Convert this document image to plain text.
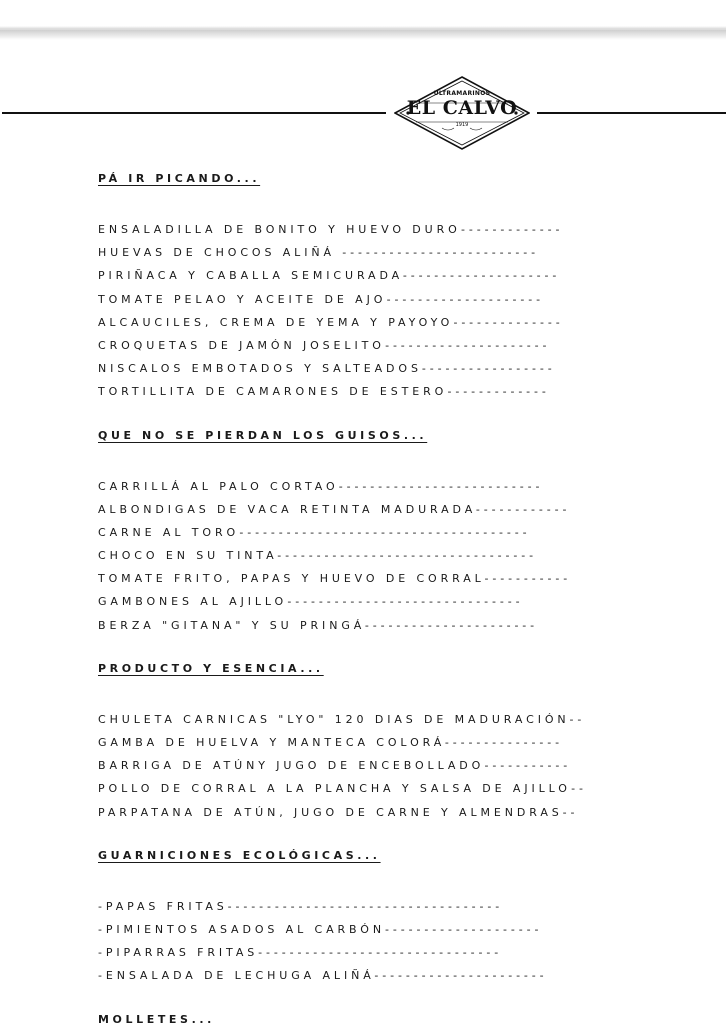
ULTRAMARINOS
EL CALVO
1919
PÁ IR PICANDO...
ENSALADILLA DE BONITO Y HUEVO DURO-------------
HUEVAS DE CHOCOS ALIÑÁ -------------------------
PIRIÑACA Y CABALLA SEMICURADA--------------------
TOMATE PELAO Y ACEITE DE AJO--------------------
ALCAUCILES, CREMA DE YEMA Y PAYOYO--------------
CROQUETAS DE JAMÓN JOSELITO---------------------
NISCALOS EMBOTADOS Y SALTEADOS-----------------
TORTILLITA DE CAMARONES DE ESTERO-------------
QUE NO SE PIERDAN LOS GUISOS...
CARRILLÁ AL PALO CORTAO--------------------------
ALBONDIGAS DE VACA RETINTA MADURADA------------
CARNE AL TORO-------------------------------------
CHOCO EN SU TINTA---------------------------------
TOMATE FRITO, PAPAS Y HUEVO DE CORRAL-----------
GAMBONES AL AJILLO------------------------------
BERZA "GITANA" Y SU PRINGÁ----------------------
PRODUCTO Y ESENCIA...
CHULETA CARNICAS "LYO" 120 DIAS DE MADURACIÓN--
GAMBA DE HUELVA Y MANTECA COLORÁ---------------
BARRIGA DE ATÚNY JUGO DE ENCEBOLLADO-----------
POLLO DE CORRAL A LA PLANCHA Y SALSA DE AJILLO--
PARPATANA DE ATÚN, JUGO DE CARNE Y ALMENDRAS--
GUARNICIONES ECOLÓGICAS...
-PAPAS FRITAS-----------------------------------
-PIMIENTOS ASADOS AL CARBÓN--------------------
-PIPARRAS FRITAS-------------------------------
-ENSALADA DE LECHUGA ALIÑÁ----------------------
MOLLETES...
